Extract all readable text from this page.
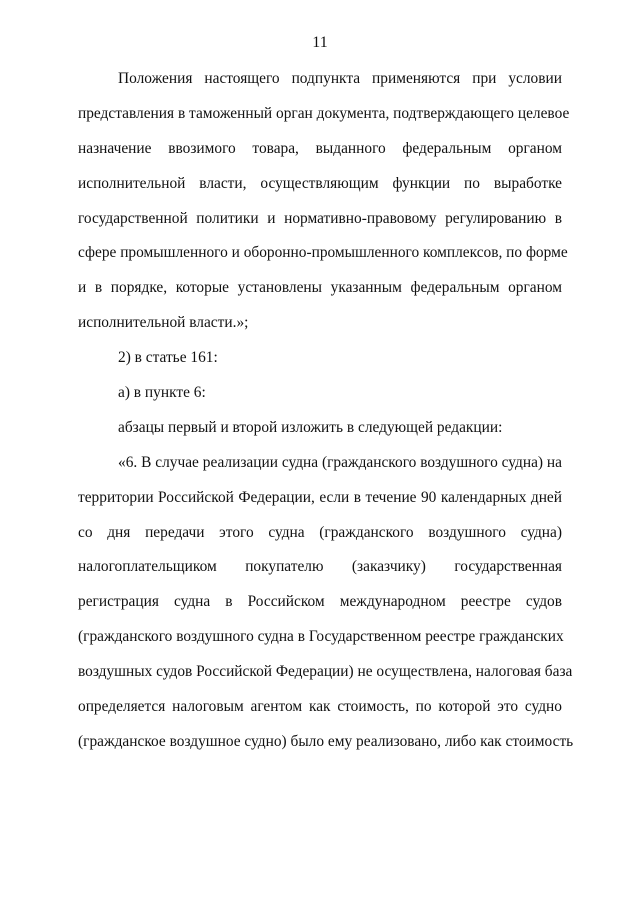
11
Положения настоящего подпункта применяются при условии
представления в таможенный орган документа, подтверждающего целевое
назначение ввозимого товара, выданного федеральным органом
исполнительной власти, осуществляющим функции по выработке
государственной политики и нормативно-правовому регулированию в
сфере промышленного и оборонно-промышленного комплексов, по форме
и в порядке, которые установлены указанным федеральным органом
исполнительной власти.»;
2) в статье 161:
а) в пункте 6:
абзацы первый и второй изложить в следующей редакции:
«6. В случае реализации судна (гражданского воздушного судна) на
территории Российской Федерации, если в течение 90 календарных дней
со дня передачи этого судна (гражданского воздушного судна)
налогоплательщиком покупателю (заказчику) государственная
регистрация судна в Российском международном реестре судов
(гражданского воздушного судна в Государственном реестре гражданских
воздушных судов Российской Федерации) не осуществлена, налоговая база
определяется налоговым агентом как стоимость, по которой это судно
(гражданское воздушное судно) было ему реализовано, либо как стоимость
